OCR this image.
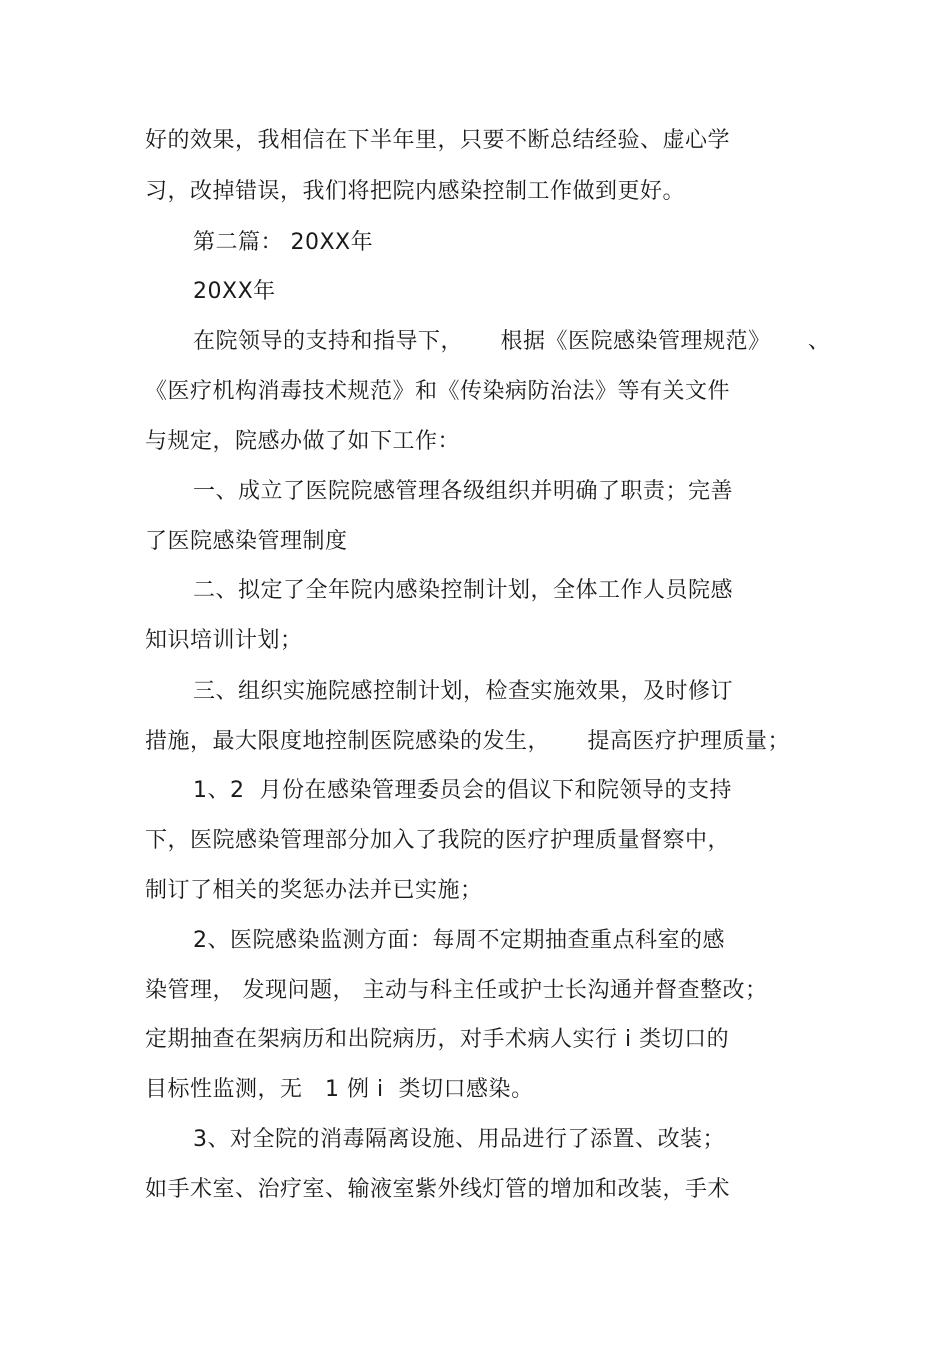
好的效果，我相信在下半年里，只要不断总结经验、虚心学
习，改掉错误，我们将把院内感染控制工作做到更好。
第二篇： 20XX年
20XX年
在院领导的支持和指导下，     根据《医院感染管理规范》     、
《医疗机构消毒技术规范》和《传染病防治法》等有关文件
与规定，院感办做了如下工作：
一、成立了医院院感管理各级组织并明确了职责；完善
了医院感染管理制度
二、拟定了全年院内感染控制计划，全体工作人员院感
知识培训计划；
三、组织实施院感控制计划，检查实施效果，及时修订
措施，最大限度地控制医院感染的发生，     提高医疗护理质量；
1、2  月份在感染管理委员会的倡议下和院领导的支持
下，医院感染管理部分加入了我院的医疗护理质量督察中，
制订了相关的奖惩办法并已实施；
2、医院感染监测方面：每周不定期抽查重点科室的感
染管理， 发现问题， 主动与科主任或护士长沟通并督查整改；
定期抽查在架病历和出院病历，对手术病人实行 i 类切口的
目标性监测，无   1 例 i  类切口感染。
3、对全院的消毒隔离设施、用品进行了添置、改装；
如手术室、治疗室、输液室紫外线灯管的增加和改装，手术
